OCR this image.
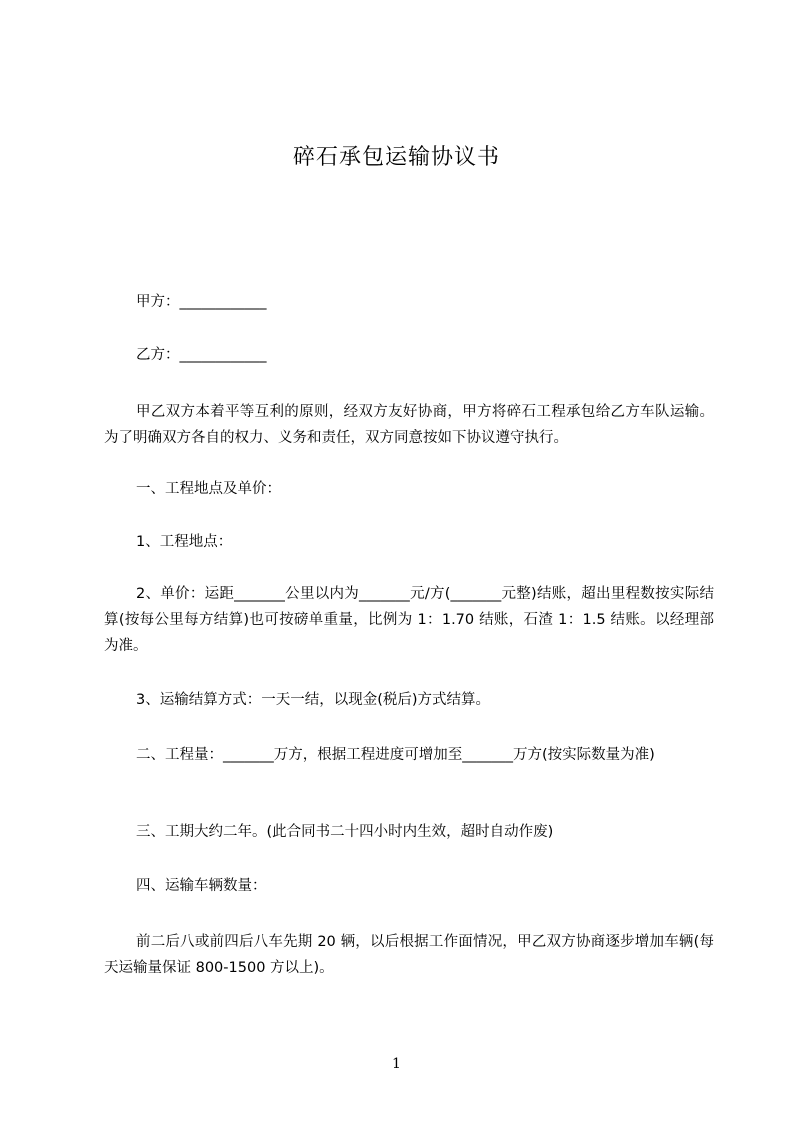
碎石承包运输协议书
甲方：____________
乙方：____________
甲乙双方本着平等互利的原则，经双方友好协商，甲方将碎石工程承包给乙方车队运输。为了明确双方各自的权力、义务和责任，双方同意按如下协议遵守执行。
一、工程地点及单价：
1、工程地点：
2、单价：运距_______公里以内为_______元/方(_______元整)结账，超出里程数按实际结算(按每公里每方结算)也可按磅单重量，比例为 1：1.70 结账，石渣 1：1.5 结账。以经理部为准。
3、运输结算方式：一天一结，以现金(税后)方式结算。
二、工程量：_______万方，根据工程进度可增加至_______万方(按实际数量为准)
三、工期大约二年。(此合同书二十四小时内生效，超时自动作废)
四、运输车辆数量：
前二后八或前四后八车先期 20 辆，以后根据工作面情况，甲乙双方协商逐步增加车辆(每天运输量保证 800-1500 方以上)。
1
